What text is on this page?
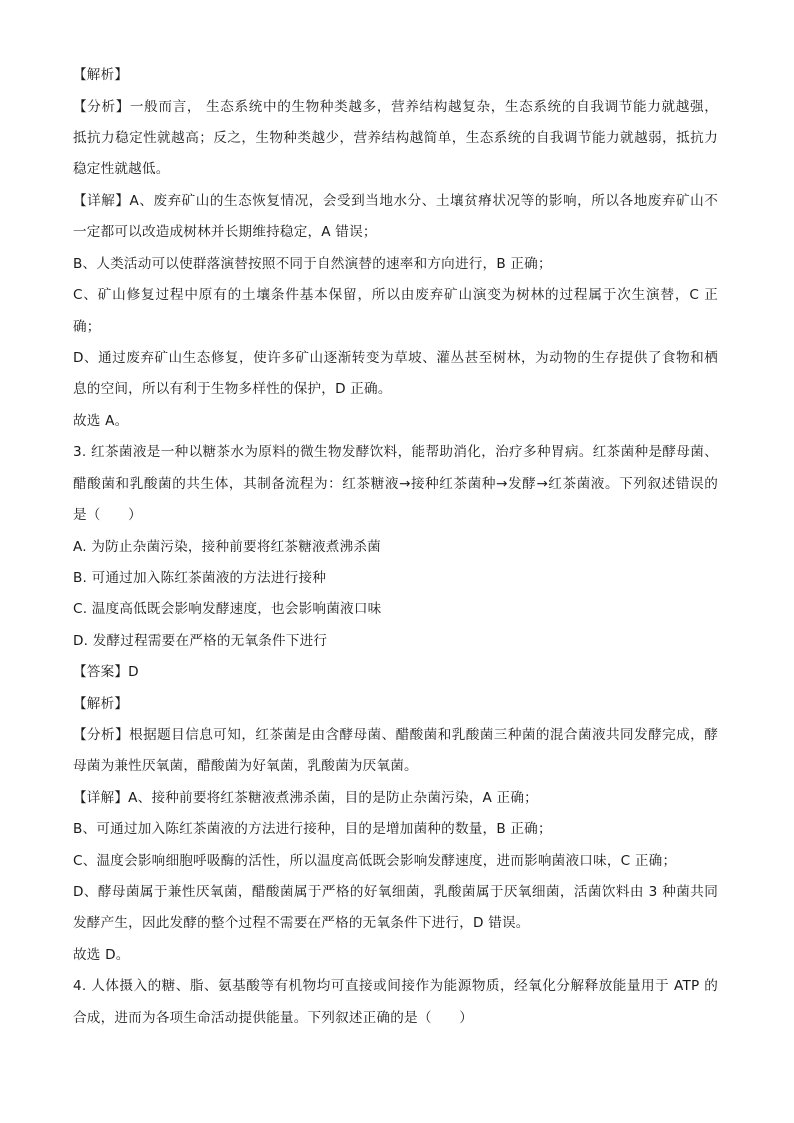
【解析】
【分析】一般而言， 生态系统中的生物种类越多，营养结构越复杂，生态系统的自我调节能力就越强，
抵抗力稳定性就越高；反之，生物种类越少，营养结构越简单，生态系统的自我调节能力就越弱，抵抗力
稳定性就越低。
【详解】A、废弃矿山的生态恢复情况，会受到当地水分、土壤贫瘠状况等的影响，所以各地废弃矿山不
一定都可以改造成树林并长期维持稳定，A 错误；
B、人类活动可以使群落演替按照不同于自然演替的速率和方向进行，B 正确；
C、矿山修复过程中原有的土壤条件基本保留，所以由废弃矿山演变为树林的过程属于次生演替，C 正
确；
D、通过废弃矿山生态修复，使许多矿山逐渐转变为草坡、灌丛甚至树林，为动物的生存提供了食物和栖
息的空间，所以有利于生物多样性的保护，D 正确。
故选 A。
3. 红茶菌液是一种以糖茶水为原料的微生物发酵饮料，能帮助消化，治疗多种胃病。红茶菌种是酵母菌、
醋酸菌和乳酸菌的共生体，其制备流程为：红茶糖液→接种红茶菌种→发酵→红茶菌液。下列叙述错误的
是（　　）
A. 为防止杂菌污染，接种前要将红茶糖液煮沸杀菌
B. 可通过加入陈红茶菌液的方法进行接种
C. 温度高低既会影响发酵速度，也会影响菌液口味
D. 发酵过程需要在严格的无氧条件下进行
【答案】D
【解析】
【分析】根据题目信息可知，红茶菌是由含酵母菌、醋酸菌和乳酸菌三种菌的混合菌液共同发酵完成，酵
母菌为兼性厌氧菌，醋酸菌为好氧菌，乳酸菌为厌氧菌。
【详解】A、接种前要将红茶糖液煮沸杀菌，目的是防止杂菌污染，A 正确；
B、可通过加入陈红茶菌液的方法进行接种，目的是增加菌种的数量，B 正确；
C、温度会影响细胞呼吸酶的活性，所以温度高低既会影响发酵速度，进而影响菌液口味，C 正确；
D、酵母菌属于兼性厌氧菌，醋酸菌属于严格的好氧细菌，乳酸菌属于厌氧细菌，活菌饮料由 3 种菌共同
发酵产生，因此发酵的整个过程不需要在严格的无氧条件下进行，D 错误。
故选 D。
4. 人体摄入的糖、脂、氨基酸等有机物均可直接或间接作为能源物质，经氧化分解释放能量用于 ATP 的
合成，进而为各项生命活动提供能量。下列叙述正确的是（　　）
